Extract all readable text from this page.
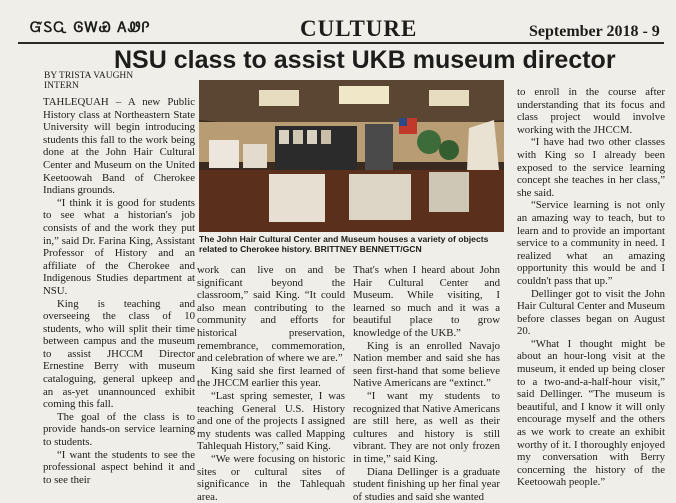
ᏳᏚᏩ ᎶᎳᏯ ᎪᏪᎵ	CULTURE	September 2018 - 9
NSU class to assist UKB museum director
BY TRISTA VAUGHN
INTERN

TAHLEQUAH – A new Public History class at Northeastern State University will begin introducing students this fall to the work being done at the John Hair Cultural Center and Museum on the United Keetoowah Band of Cherokee Indians grounds.

“I think it is good for students to see what a historian's job consists of and the work they put in,” said Dr. Farina King, Assistant Professor of History and an affiliate of the Cherokee and Indigenous Studies department at NSU.

King is teaching and overseeing the class of 10 students, who will split their time between campus and the museum to assist JHCCM Director Ernestine Berry with museum cataloguing, general upkeep and an as-yet unannounced exhibit coming this fall.

The goal of the class is to provide hands-on service learning to students.

“I want the students to see the professional aspect behind it and to see their

The John Hair Cultural Center and Museum houses a variety of objects related to Cherokee history. BRITTNEY BENNETT/GCN

work can live on and be significant beyond the classroom,” said King. “It could also mean contributing to the community and efforts for historical preservation, remembrance, commemoration, and celebration of where we are.”

King said she first learned of the JHCCM earlier this year.

“Last spring semester, I was teaching General U.S. History and one of the projects I assigned my students was called Mapping Tahlequah History,” said King.

“We were focusing on historic sites or cultural sites of significance in the Tahlequah area.

That's when I heard about John Hair Cultural Center and Museum. While visiting, I learned so much and it was a beautiful place to grow knowledge of the UKB.”

King is an enrolled Navajo Nation member and said she has seen first-hand that some believe Native Americans are “extinct.”

“I want my students to recognized that Native Americans are still here, as well as their cultures and history is still vibrant. They are not only frozen in time,” said King.

Diana Dellinger is a graduate student finishing up her final year of studies and said she wanted

to enroll in the course after understanding that its focus and class project would involve working with the JHCCM.

“I have had two other classes with King so I already been exposed to the service learning concept she teaches in her class,” she said.

“Service learning is not only an amazing way to teach, but to learn and to provide an important service to a community in need. I realized what an amazing opportunity this would be and I couldn't pass that up.”

Dellinger got to visit the John Hair Cultural Center and Museum before classes began on August 20.

“What I thought might be about an hour-long visit at the museum, it ended up being closer to a two-and-a-half-hour visit,” said Dellinger. “The museum is beautiful, and I know it will only encourage myself and the others as we work to create an exhibit worthy of it. I thoroughly enjoyed my conversation with Berry concerning the history of the Keetoowah people.”
